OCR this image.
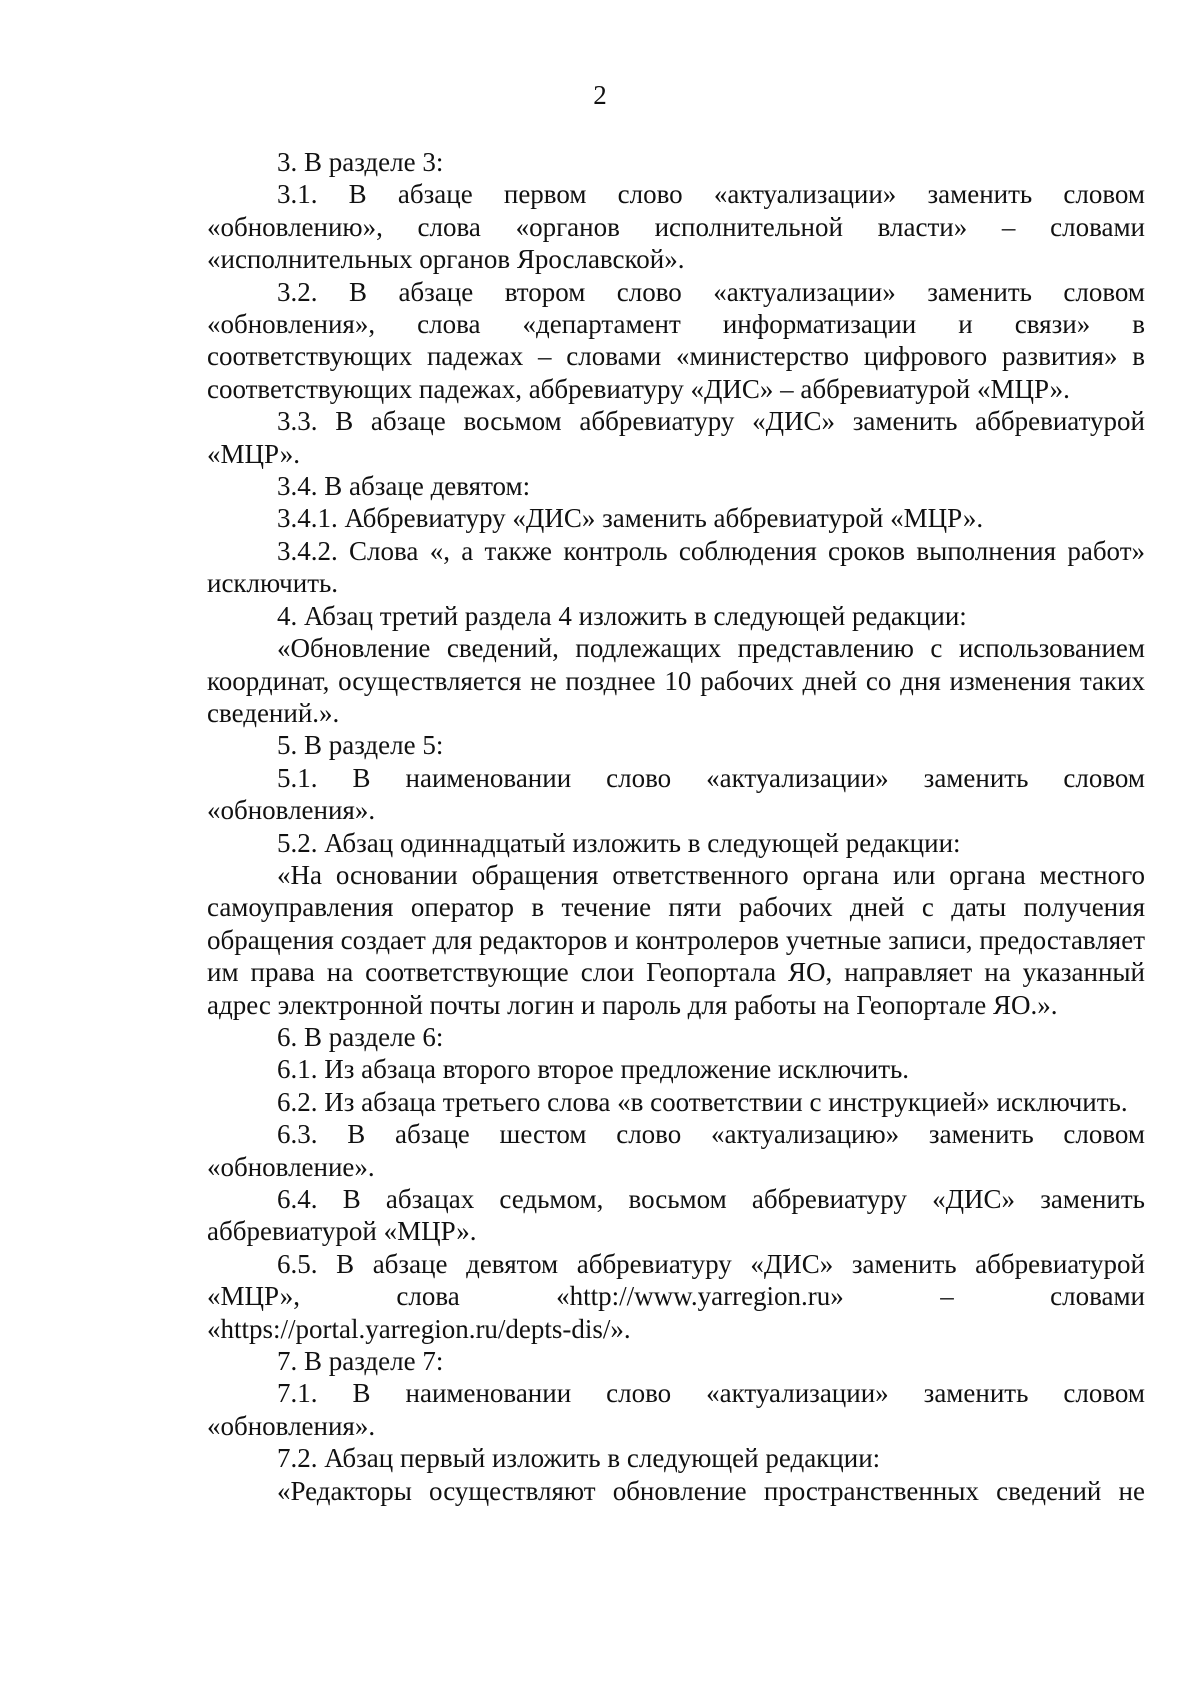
2

3. В разделе 3:

3.1. В абзаце первом слово «актуализации» заменить словом «обновлению», слова «органов исполнительной власти» – словами «исполнительных органов Ярославской».

3.2. В абзаце втором слово «актуализации» заменить словом «обновления», слова «департамент информатизации и связи» в соответствующих падежах – словами «министерство цифрового развития» в соответствующих падежах, аббревиатуру «ДИС» – аббревиатурой «МЦР».

3.3. В абзаце восьмом аббревиатуру «ДИС» заменить аббревиатурой «МЦР».

3.4. В абзаце девятом:

3.4.1. Аббревиатуру «ДИС» заменить аббревиатурой «МЦР».

3.4.2. Слова «, а также контроль соблюдения сроков выполнения работ» исключить.

4. Абзац третий раздела 4 изложить в следующей редакции:

«Обновление сведений, подлежащих представлению с использованием координат, осуществляется не позднее 10 рабочих дней со дня изменения таких сведений.».

5. В разделе 5:

5.1. В наименовании слово «актуализации» заменить словом «обновления».

5.2. Абзац одиннадцатый изложить в следующей редакции:

«На основании обращения ответственного органа или органа местного самоуправления оператор в течение пяти рабочих дней с даты получения обращения создает для редакторов и контролеров учетные записи, предоставляет им права на соответствующие слои Геопортала ЯО, направляет на указанный адрес электронной почты логин и пароль для работы на Геопортале ЯО.».

6. В разделе 6:

6.1. Из абзаца второго второе предложение исключить.

6.2. Из абзаца третьего слова «в соответствии с инструкцией» исключить.

6.3. В абзаце шестом слово «актуализацию» заменить словом «обновление».

6.4. В абзацах седьмом, восьмом аббревиатуру «ДИС» заменить аббревиатурой «МЦР».

6.5. В абзаце девятом аббревиатуру «ДИС» заменить аббревиатурой «МЦР», слова «http://www.yarregion.ru» – словами «https://portal.yarregion.ru/depts-dis/».

7. В разделе 7:

7.1. В наименовании слово «актуализации» заменить словом «обновления».

7.2. Абзац первый изложить в следующей редакции:

«Редакторы осуществляют обновление пространственных сведений не
